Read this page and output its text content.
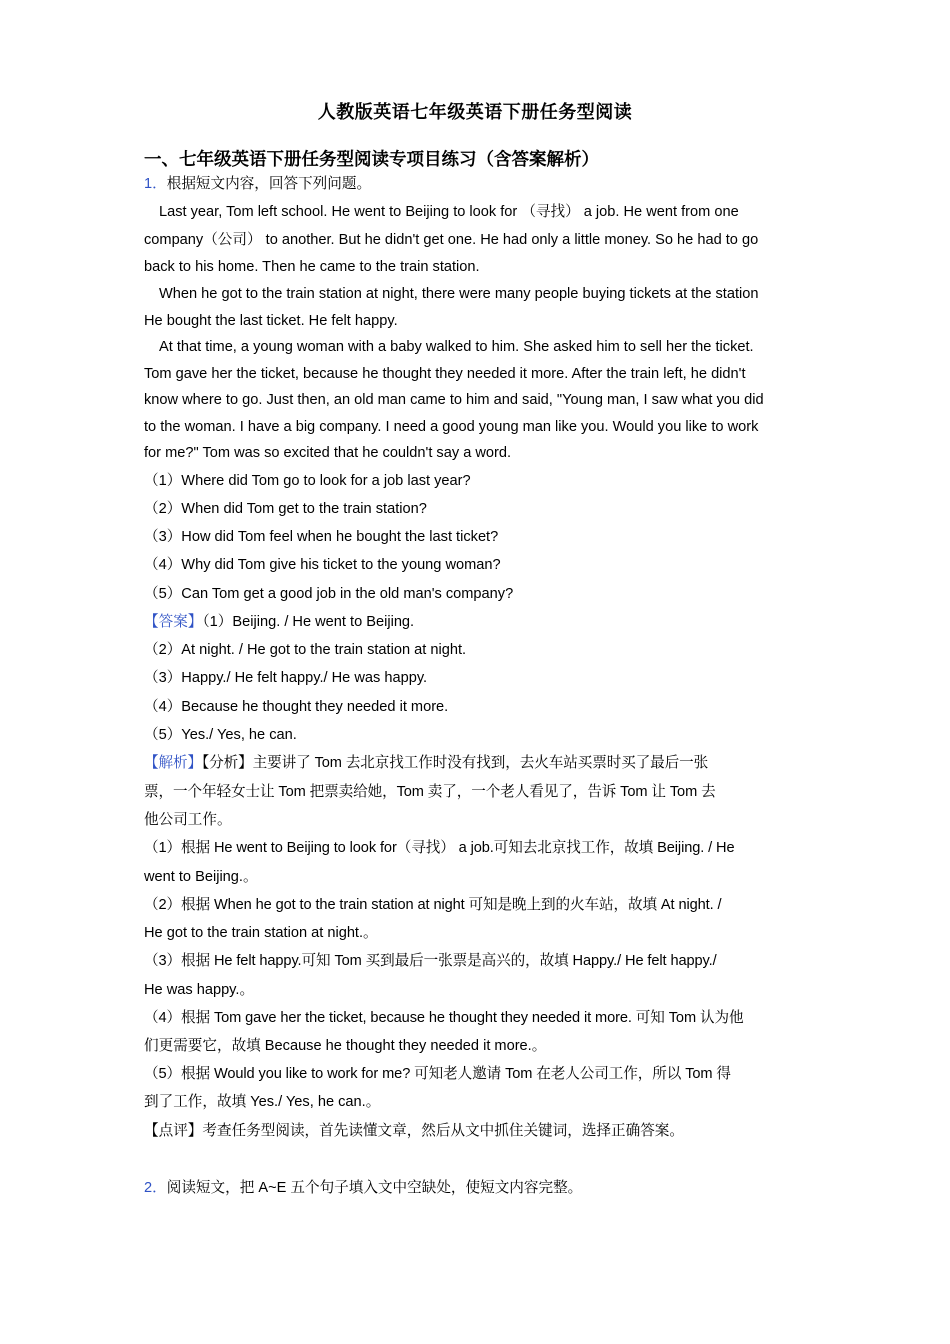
人教版英语七年级英语下册任务型阅读
一、七年级英语下册任务型阅读专项目练习（含答案解析）
1．根据短文内容，回答下列问题。
Last year, Tom left school. He went to Beijing to look for （寻找） a job. He went from one
company（公司） to another. But he didn't get one. He had only a little money. So he had to go
back to his home. Then he came to the train station.
When he got to the train station at night, there were many people buying tickets at the station
He bought the last ticket. He felt happy.
At that time, a young woman with a baby walked to him. She asked him to sell her the ticket.
Tom gave her the ticket, because he thought they needed it more. After the train left, he didn't
know where to go. Just then, an old man came to him and said, "Young man, I saw what you did
to the woman. I have a big company. I need a good young man like you. Would you like to work
for me?" Tom was so excited that he couldn't say a word.
（1）Where did Tom go to look for a job last year?
（2）When did Tom get to the train station?
（3）How did Tom feel when he bought the last ticket?
（4）Why did Tom give his ticket to the young woman?
（5）Can Tom get a good job in the old man's company?
【答案】（1）Beijing. / He went to Beijing.
（2）At night. / He got to the train station at night.
（3）Happy./ He felt happy./ He was happy.
（4）Because he thought they needed it more.
（5）Yes./ Yes, he can.
【解析】【分析】主要讲了 Tom 去北京找工作时没有找到，去火车站买票时买了最后一张
票，一个年轻女士让 Tom 把票卖给她，Tom 卖了，一个老人看见了，告诉 Tom 让 Tom 去
他公司工作。
（1）根据 He went to Beijing to look for（寻找） a job.可知去北京找工作，故填 Beijing. / He
went to Beijing.。
（2）根据 When he got to the train station at night 可知是晚上到的火车站，故填 At night. /
He got to the train station at night.。
（3）根据 He felt happy.可知 Tom 买到最后一张票是高兴的，故填 Happy./ He felt happy./
He was happy.。
（4）根据 Tom gave her the ticket, because he thought they needed it more. 可知 Tom 认为他
们更需要它，故填 Because he thought they needed it more.。
（5）根据 Would you like to work for me? 可知老人邀请 Tom 在老人公司工作，所以 Tom 得
到了工作，故填 Yes./ Yes, he can.。
【点评】考查任务型阅读，首先读懂文章，然后从文中抓住关键词，选择正确答案。
2．阅读短文，把 A~E 五个句子填入文中空缺处，使短文内容完整。
